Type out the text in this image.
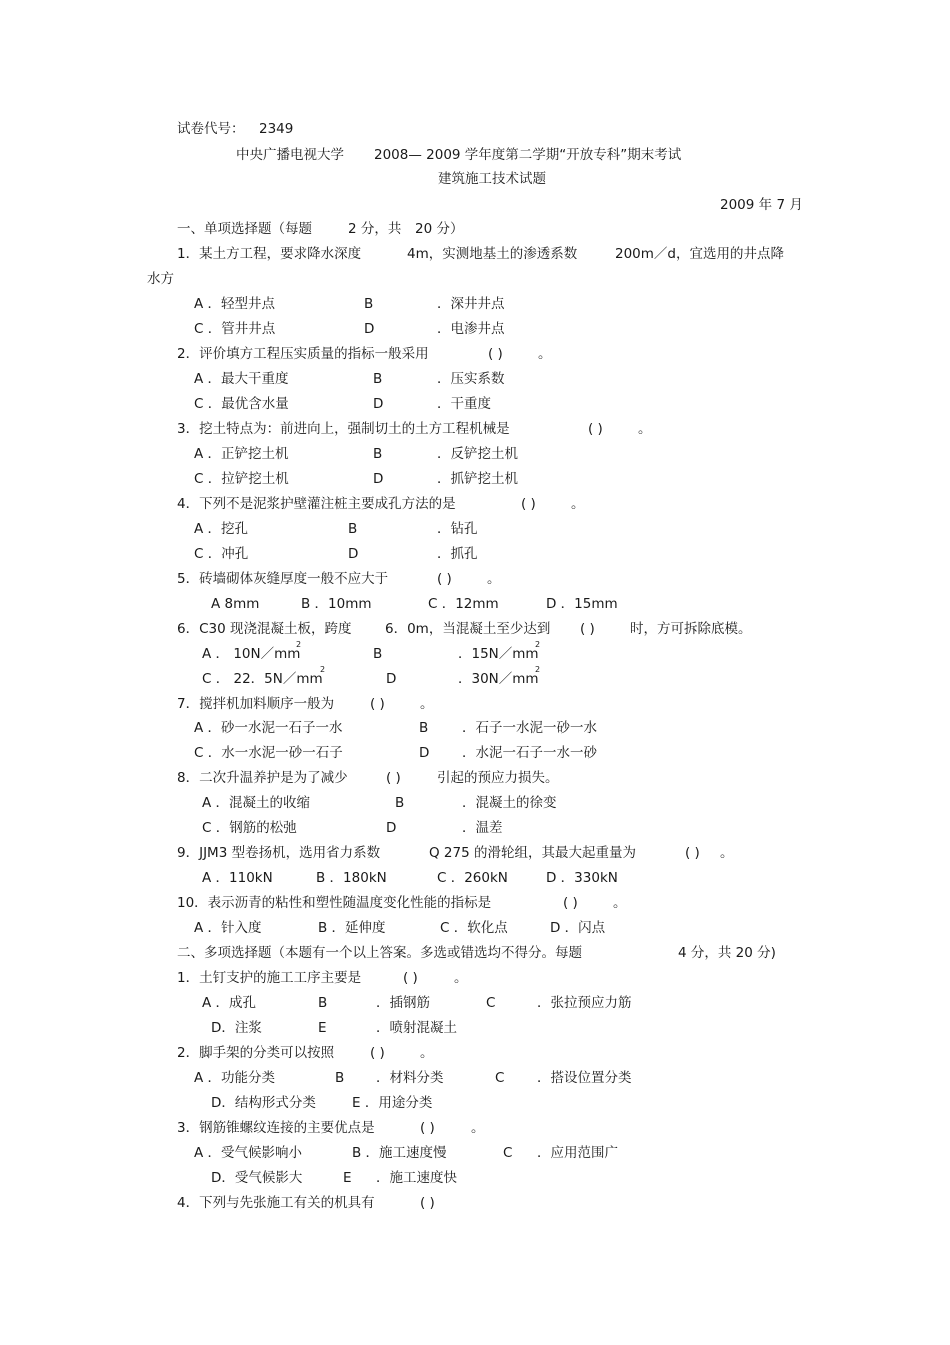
试卷代号： 2349
中央广播电视大学 2008— 2009 学年度第二学期“开放专科”期末考试
建筑施工技术试题
2009 年 7 月
一、单项选择题（每题	2 分，共 20 分）
1．某土方工程，要求降水深度	4m，实测地基土的渗透系数	200m／d，宜选用的井点降
水方
A ．轻型井点	B	．深井井点
C ．管井井点	D	．电渗井点
2．评价填方工程压实质量的指标一般采用	( )	。
A ．最大干重度	B	．压实系数
C ．最优含水量	D	．干重度
3．挖土特点为：前进向上，强制切土的土方工程机械是	( )	。
A ．正铲挖土机	B	．反铲挖土机
C ．拉铲挖土机	D	．抓铲挖土机
4．下列不是泥浆护壁灌注桩主要成孔方法的是	( )	。
A ．挖孔	B	．钻孔
C ．冲孔	D	．抓孔
5．砖墙砌体灰缝厚度一般不应大于	( )	。
A 8mm	B ．10mm	C ．12mm	D ．15mm
6．C30 现浇混凝土板，跨度 6．0m，当混凝土至少达到 ( )	时，方可拆除底模。
A ． 10N／mm
2
B	．15N／mm
2
C ． 22．5N／mm
2
D	．30N／mm
2
7．搅拌机加料顺序一般为	( )	。
A ．砂一水泥一石子一水	B ．石子一水泥一砂一水
C ．水一水泥一砂一石子	D ．水泥一石子一水一砂
8．二次升温养护是为了减少	( )	引起的预应力损失。
A ．混凝土的收缩	B	．混凝土的徐变
C ．钢筋的松弛	D	．温差
9．JJM3 型卷扬机，选用省力系数	Q 275 的滑轮组，其最大起重量为	( ) 。
A ．110kN	B ．180kN	C ．260kN	D ．330kN
10．表示沥青的粘性和塑性随温度变化性能的指标是	( )	。
A ．针入度	B ．延伸度	C ．软化点	D ．闪点
二、多项选择题（本题有一个以上答案。多选或错选均不得分。每题	4 分，共 20 分)
1．土钉支护的施工工序主要是	( )	。
A ．成孔	B	．插钢筋	C	．张拉预应力筋
D．注浆	E	．喷射混凝土
2．脚手架的分类可以按照	( )	。
A ．功能分类	B ．材料分类	C ．搭设位置分类
D．结构形式分类	E ．用途分类
3．钢筋锥螺纹连接的主要优点是	( )	。
A ．受气候影响小	B ．施工速度慢	C ．应用范围广
D．受气候影大	E ．施工速度快
4．下列与先张施工有关的机具有	( )
